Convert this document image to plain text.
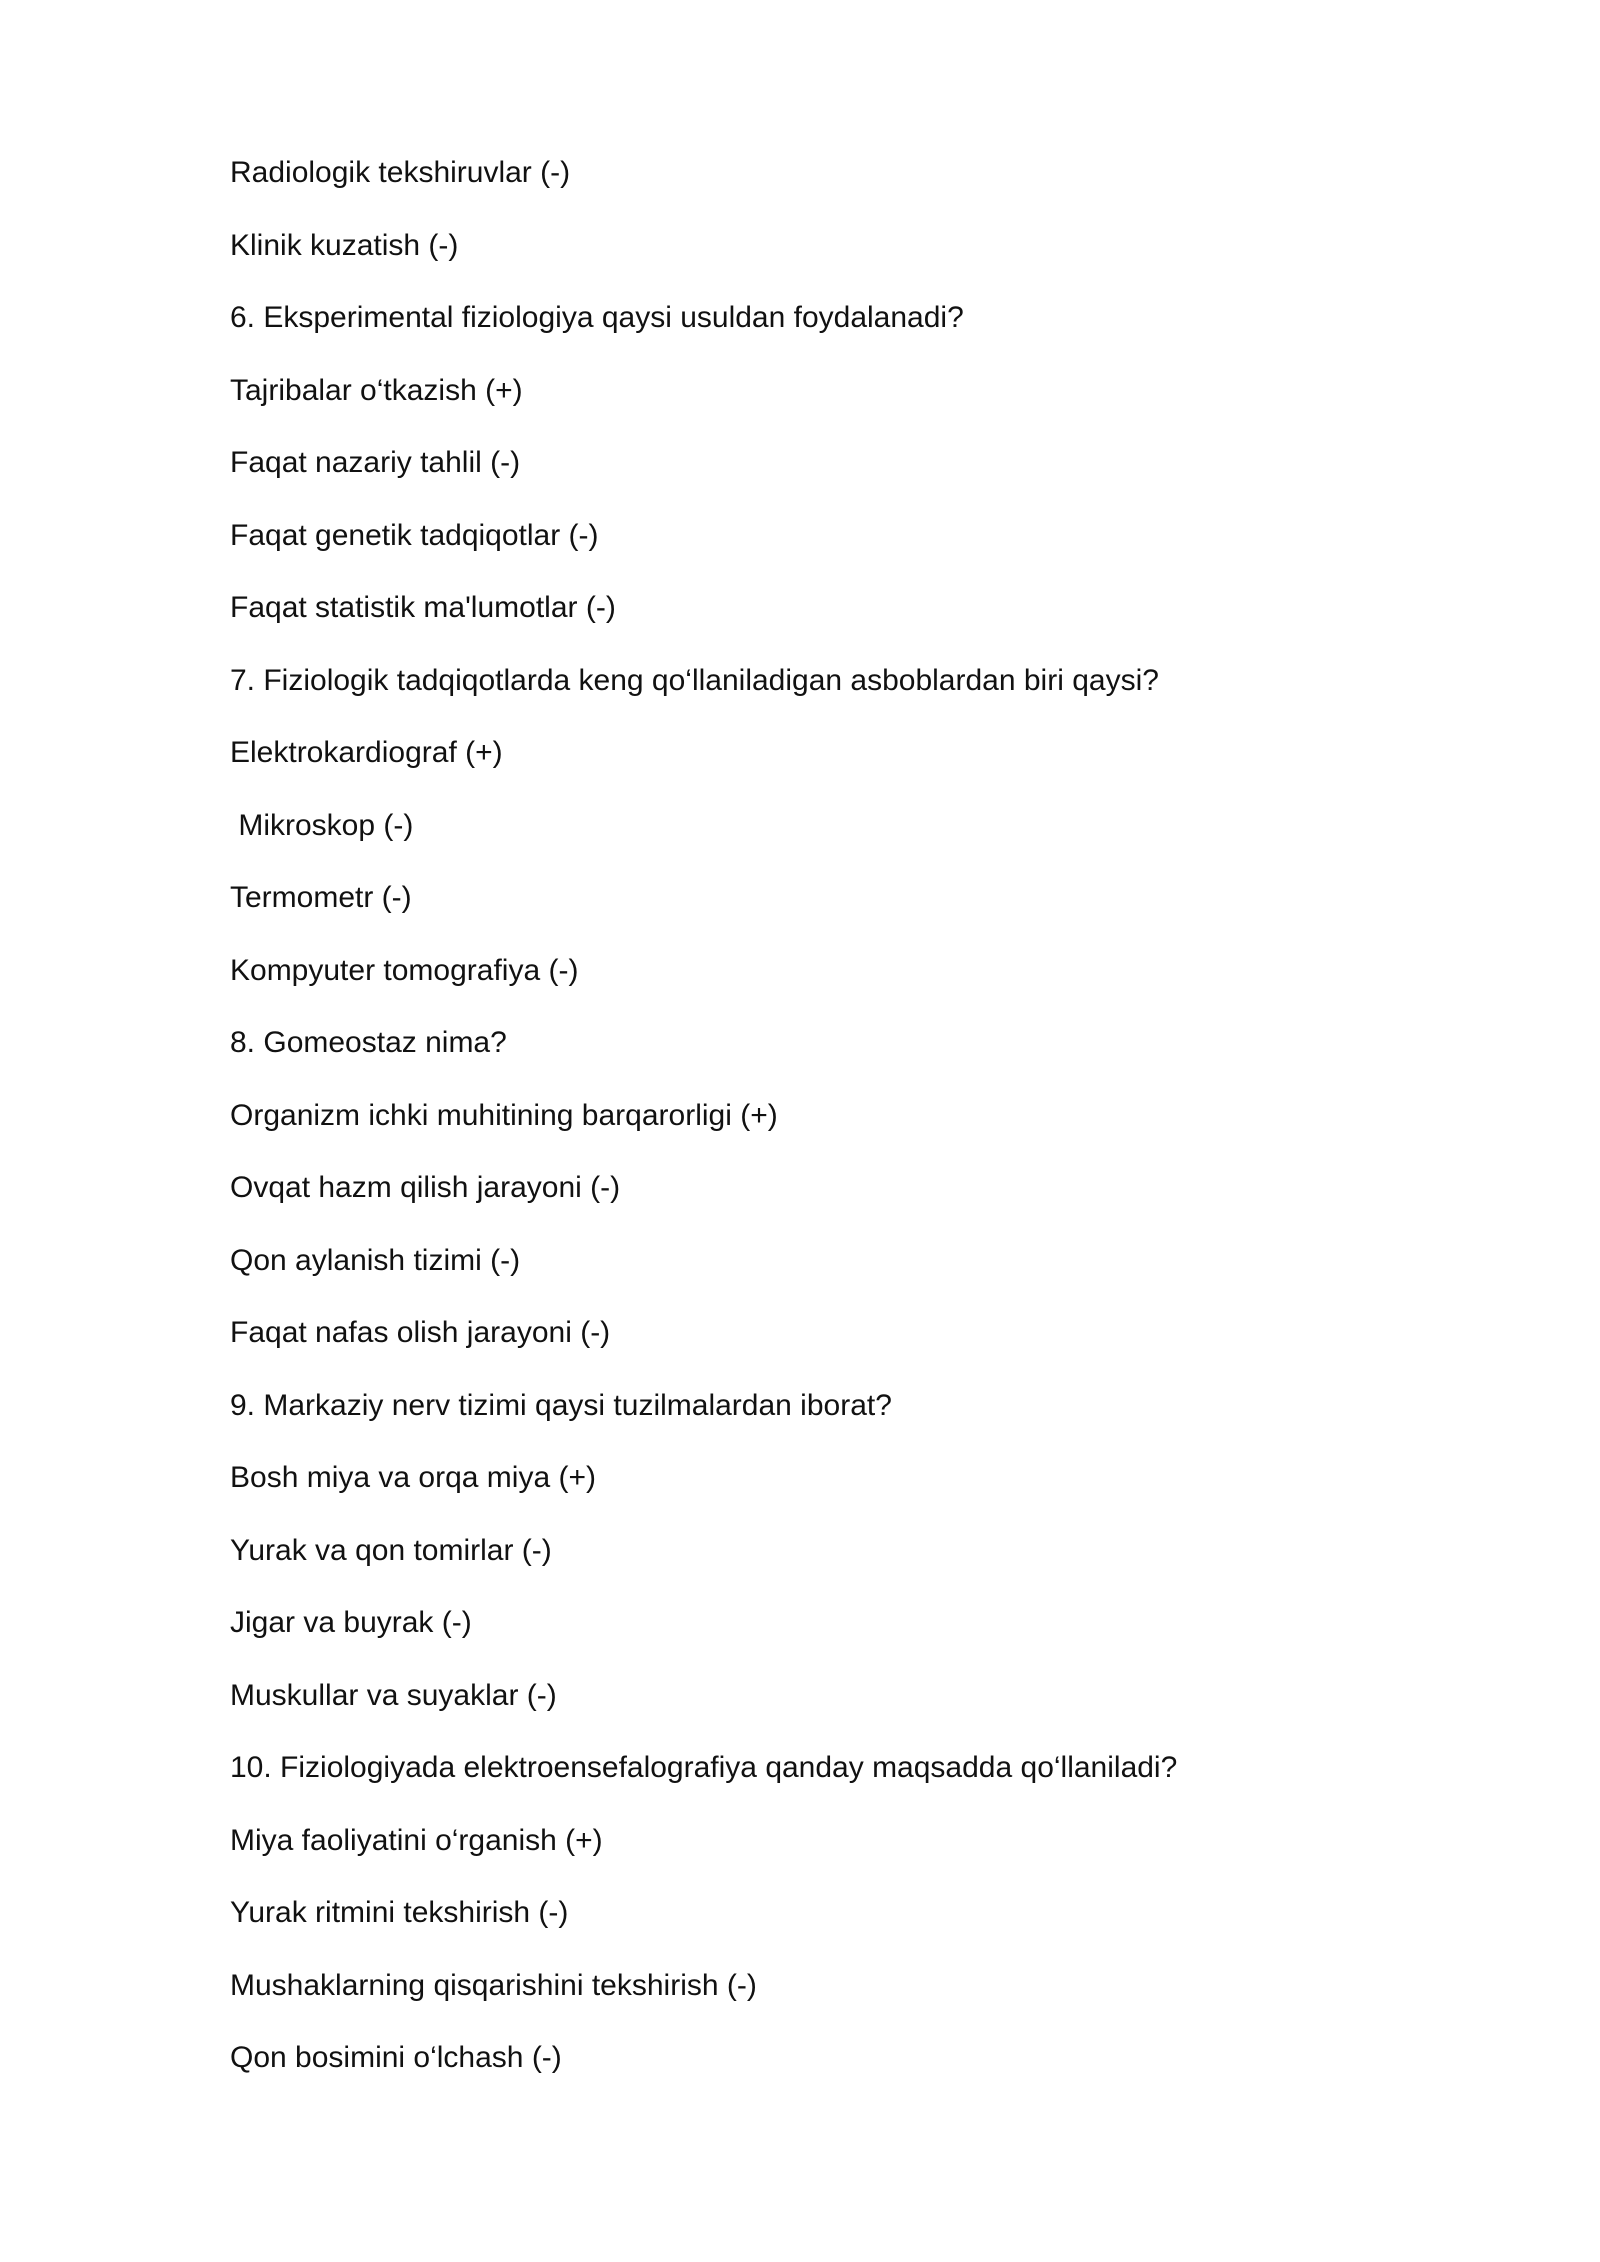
Radiologik tekshiruvlar (-)

Klinik kuzatish (-)

6. Eksperimental fiziologiya qaysi usuldan foydalanadi?

Tajribalar o‘tkazish (+)

Faqat nazariy tahlil (-)

Faqat genetik tadqiqotlar (-)

Faqat statistik ma'lumotlar (-)

7. Fiziologik tadqiqotlarda keng qo‘llaniladigan asboblardan biri qaysi?

Elektrokardiograf (+)

Mikroskop (-)

Termometr (-)

Kompyuter tomografiya (-)

8. Gomeostaz nima?

Organizm ichki muhitining barqarorligi (+)

Ovqat hazm qilish jarayoni (-)

Qon aylanish tizimi (-)

Faqat nafas olish jarayoni (-)

9. Markaziy nerv tizimi qaysi tuzilmalardan iborat?

Bosh miya va orqa miya (+)

Yurak va qon tomirlar (-)

Jigar va buyrak (-)

Muskullar va suyaklar (-)

10. Fiziologiyada elektroensefalografiya qanday maqsadda qo‘llaniladi?

Miya faoliyatini o‘rganish (+)

Yurak ritmini tekshirish (-)

Mushaklarning qisqarishini tekshirish (-)

Qon bosimini o‘lchash (-)
